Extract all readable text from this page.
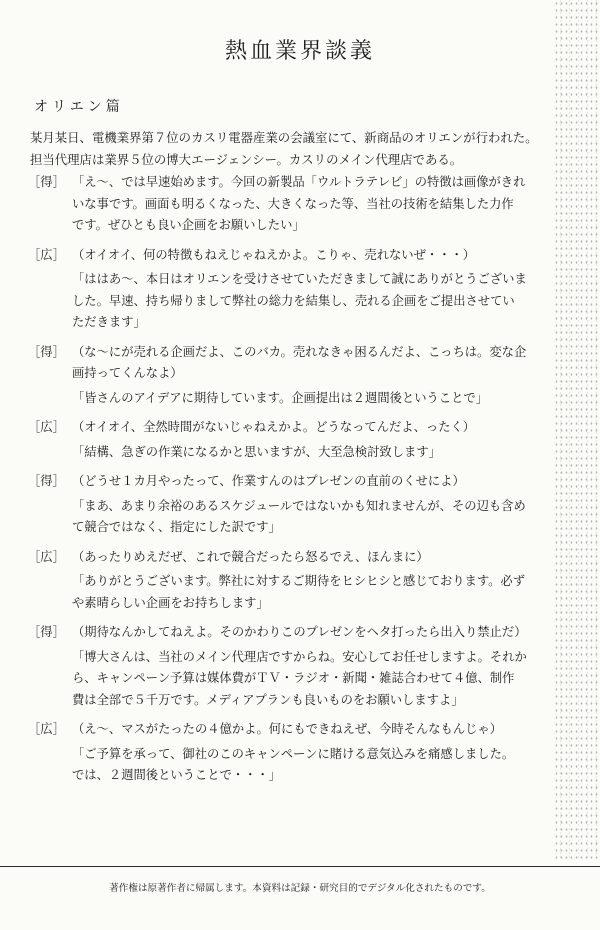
熱血業界談義
オリエン篇
某月某日、電機業界第７位のカスリ電器産業の会議室にて、新商品のオリエンが行われた。
担当代理店は業界５位の博大エージェンシー。カスリのメイン代理店である。
［得］ 「え〜、では早速始めます。今回の新製品「ウルトラテレビ」の特徴は画像がきれ
いな事です。画面も明るくなった、大きくなった等、当社の技術を結集した力作
です。ぜひとも良い企画をお願いしたい」
［広］ （オイオイ、何の特徴もねえじゃねえかよ。こりゃ、売れないぜ・・・）
「ははあ〜、本日はオリエンを受けさせていただきまして誠にありがとうございま
した。早速、持ち帰りまして弊社の総力を結集し、売れる企画をご提出させてい
ただきます」
［得］ （な〜にが売れる企画だよ、このバカ。売れなきゃ困るんだよ、こっちは。変な企
画持ってくんなよ）
「皆さんのアイデアに期待しています。企画提出は２週間後ということで」
［広］ （オイオイ、全然時間がないじゃねえかよ。どうなってんだよ、ったく）
「結構、急ぎの作業になるかと思いますが、大至急検討致します」
［得］ （どうせ１カ月やったって、作業すんのはプレゼンの直前のくせによ）
「まあ、あまり余裕のあるスケジュールではないかも知れませんが、その辺も含め
て競合ではなく、指定にした訳です」
［広］ （あったりめえだぜ、これで競合だったら怒るでえ、ほんまに）
「ありがとうございます。弊社に対するご期待をヒシヒシと感じております。必ず
や素晴らしい企画をお持ちします」
［得］ （期待なんかしてねえよ。そのかわりこのプレゼンをヘタ打ったら出入り禁止だ）
「博大さんは、当社のメイン代理店ですからね。安心してお任せしますよ。それか
ら、キャンペーン予算は媒体費がＴＶ・ラジオ・新聞・雑誌合わせて４億、制作
費は全部で５千万です。メディアプランも良いものをお願いしますよ」
［広］ （え〜、マスがたったの４億かよ。何にもできねえぜ、今時そんなもんじゃ）
「ご予算を承って、御社のこのキャンペーンに賭ける意気込みを痛感しました。
では、２週間後ということで・・・」
著作権は原著作者に帰属します。本資料は記録・研究目的でデジタル化されたものです。
